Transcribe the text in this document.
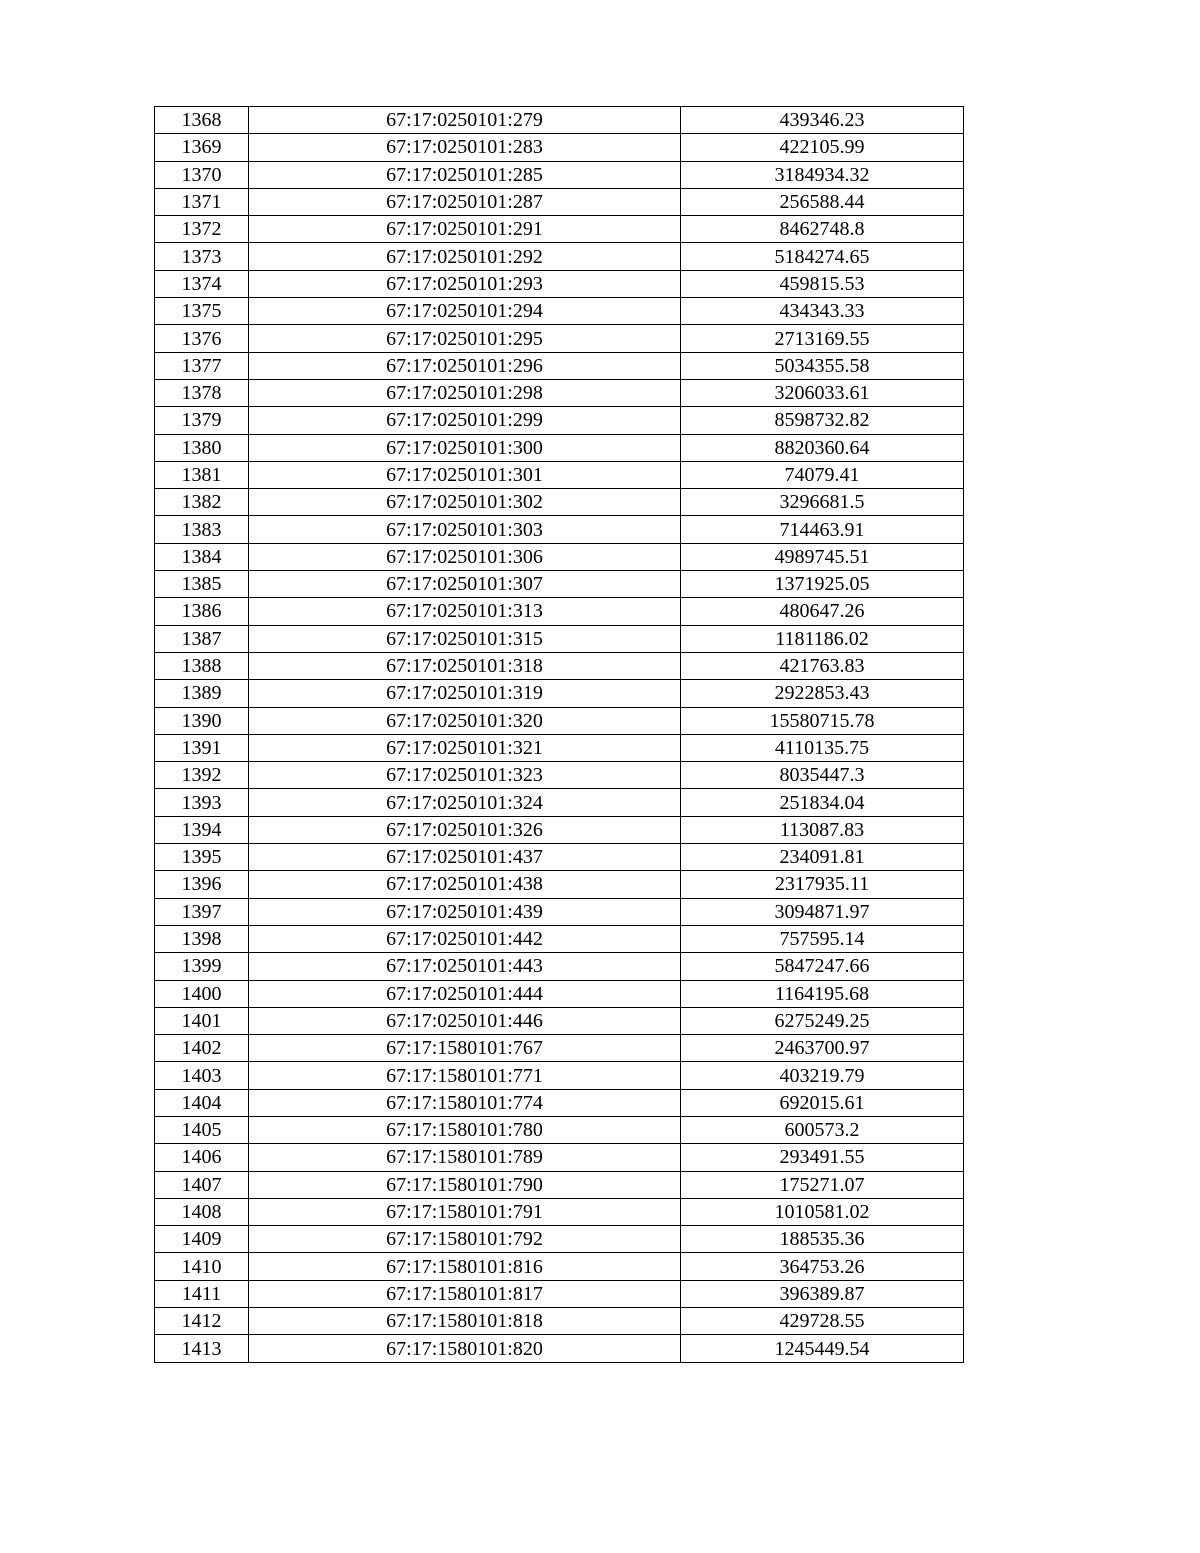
1368	67:17:0250101:279	439346.23
1369	67:17:0250101:283	422105.99
1370	67:17:0250101:285	3184934.32
1371	67:17:0250101:287	256588.44
1372	67:17:0250101:291	8462748.8
1373	67:17:0250101:292	5184274.65
1374	67:17:0250101:293	459815.53
1375	67:17:0250101:294	434343.33
1376	67:17:0250101:295	2713169.55
1377	67:17:0250101:296	5034355.58
1378	67:17:0250101:298	3206033.61
1379	67:17:0250101:299	8598732.82
1380	67:17:0250101:300	8820360.64
1381	67:17:0250101:301	74079.41
1382	67:17:0250101:302	3296681.5
1383	67:17:0250101:303	714463.91
1384	67:17:0250101:306	4989745.51
1385	67:17:0250101:307	1371925.05
1386	67:17:0250101:313	480647.26
1387	67:17:0250101:315	1181186.02
1388	67:17:0250101:318	421763.83
1389	67:17:0250101:319	2922853.43
1390	67:17:0250101:320	15580715.78
1391	67:17:0250101:321	4110135.75
1392	67:17:0250101:323	8035447.3
1393	67:17:0250101:324	251834.04
1394	67:17:0250101:326	113087.83
1395	67:17:0250101:437	234091.81
1396	67:17:0250101:438	2317935.11
1397	67:17:0250101:439	3094871.97
1398	67:17:0250101:442	757595.14
1399	67:17:0250101:443	5847247.66
1400	67:17:0250101:444	1164195.68
1401	67:17:0250101:446	6275249.25
1402	67:17:1580101:767	2463700.97
1403	67:17:1580101:771	403219.79
1404	67:17:1580101:774	692015.61
1405	67:17:1580101:780	600573.2
1406	67:17:1580101:789	293491.55
1407	67:17:1580101:790	175271.07
1408	67:17:1580101:791	1010581.02
1409	67:17:1580101:792	188535.36
1410	67:17:1580101:816	364753.26
1411	67:17:1580101:817	396389.87
1412	67:17:1580101:818	429728.55
1413	67:17:1580101:820	1245449.54
